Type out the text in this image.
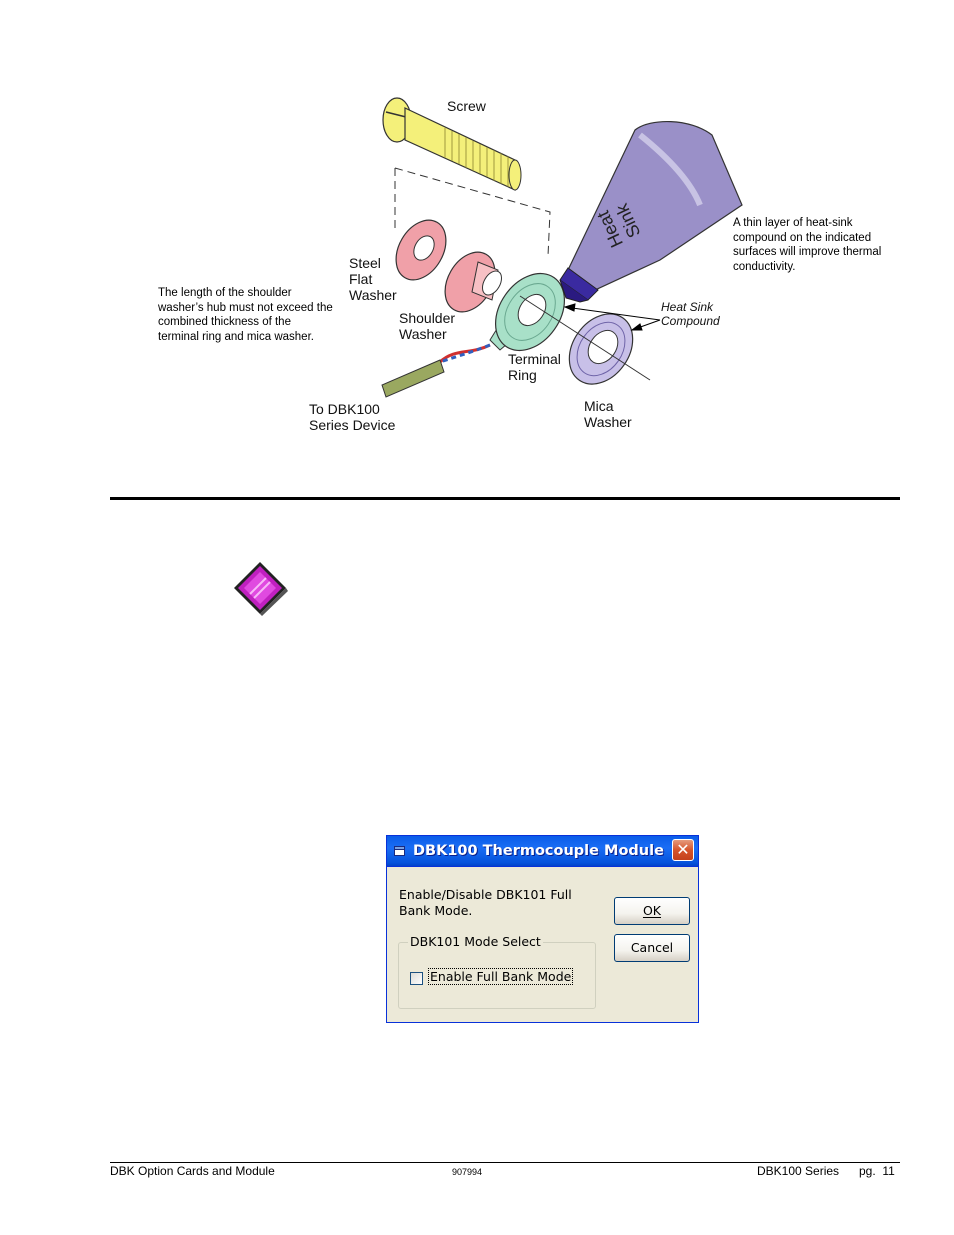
Heat
Sink
Screw
Steel
Flat
Washer
Shoulder
Washer
Terminal
Ring
Mica
Washer
To DBK100
Series Device
Heat Sink
Compound
The length of the shoulder washer’s hub must not exceed the combined thickness of the terminal ring and mica washer.
A thin layer of heat-sink compound on the indicated surfaces will improve thermal conductivity.
DBK100 Thermocouple Module ✕
Enable/Disable DBK101 Full Bank Mode.	OK
Cancel
DBK101 Mode Select
Enable Full Bank Mode
DBK Option Cards and Module	907994	DBK100 Series pg.  11
